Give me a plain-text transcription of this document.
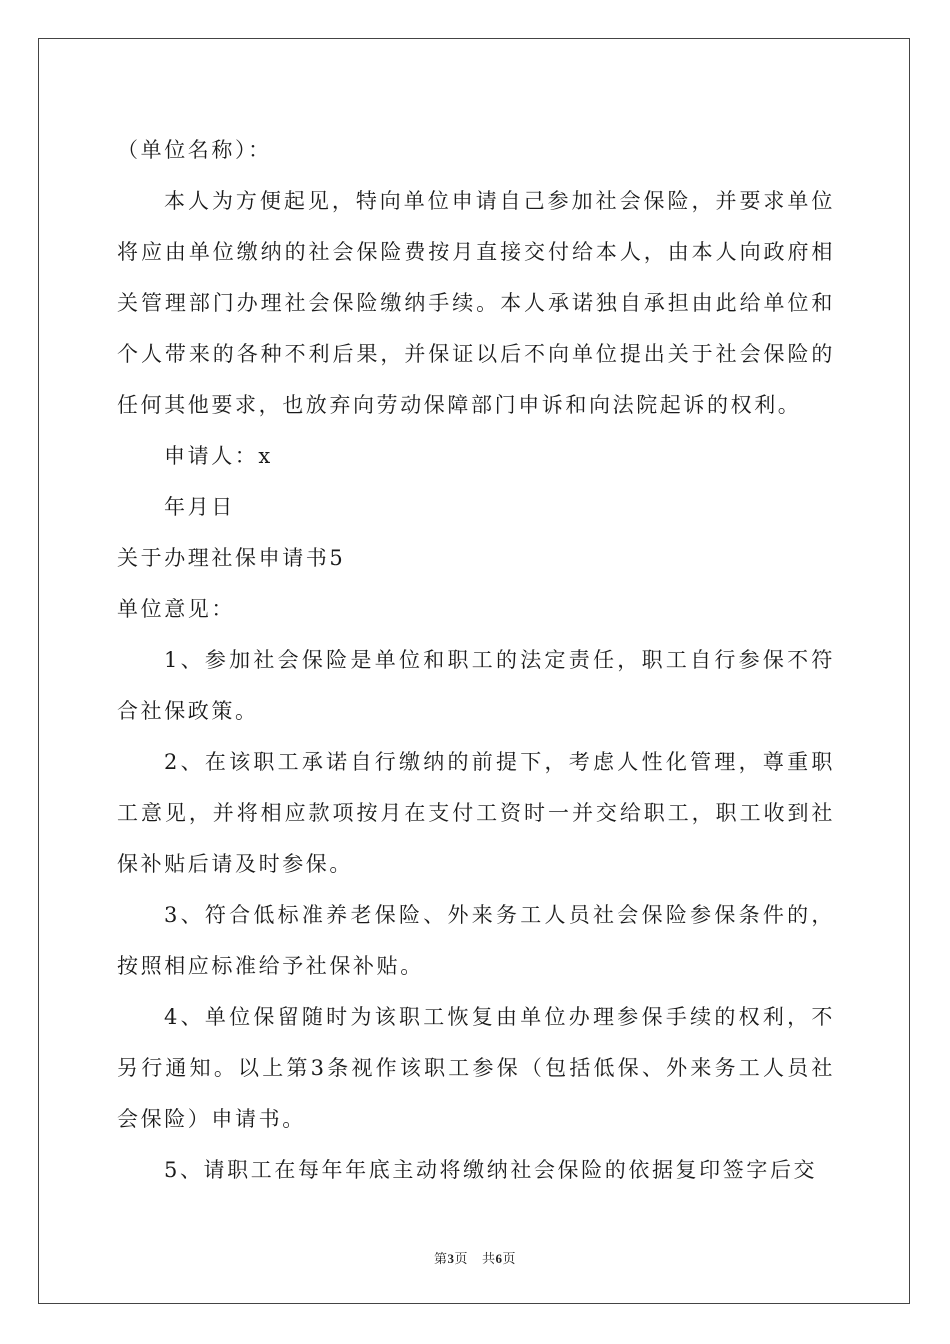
（单位名称）：

本人为方便起见，特向单位申请自己参加社会保险，并要求单位将应由单位缴纳的社会保险费按月直接交付给本人，由本人向政府相关管理部门办理社会保险缴纳手续。本人承诺独自承担由此给单位和个人带来的各种不利后果，并保证以后不向单位提出关于社会保险的任何其他要求，也放弃向劳动保障部门申诉和向法院起诉的权利。

申请人：x

年月日

关于办理社保申请书5

单位意见：

1、参加社会保险是单位和职工的法定责任，职工自行参保不符合社保政策。

2、在该职工承诺自行缴纳的前提下，考虑人性化管理，尊重职工意见，并将相应款项按月在支付工资时一并交给职工，职工收到社保补贴后请及时参保。

3、符合低标准养老保险、外来务工人员社会保险参保条件的，按照相应标准给予社保补贴。

4、单位保留随时为该职工恢复由单位办理参保手续的权利，不另行通知。以上第3条视作该职工参保（包括低保、外来务工人员社会保险）申请书。

5、请职工在每年年底主动将缴纳社会保险的依据复印签字后交

第3页 共6页
